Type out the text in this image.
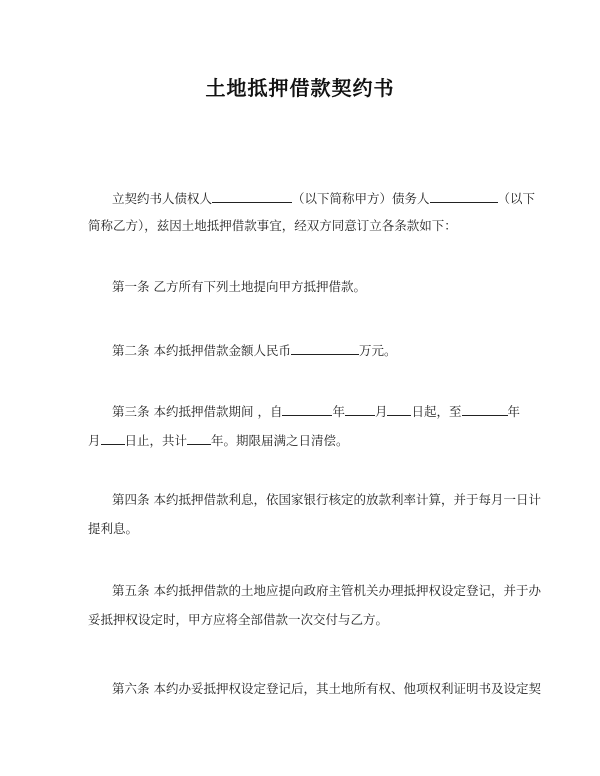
土地抵押借款契约书
立契约书人债权人	（以下简称甲方）债务人	（以下
简称乙方），兹因土地抵押借款事宜，经双方同意订立各条款如下：
第一条 乙方所有下列土地提向甲方抵押借款。
第二条 本约抵押借款金额人民币	万元。
第三条 本约抵押借款期间 ，自	年 月 日起，至	年
月 日止，共计 年。期限届满之日清偿。
第四条 本约抵押借款利息，依国家银行核定的放款利率计算，并于每月一日计
提利息。
第五条 本约抵押借款的土地应提向政府主管机关办理抵押权设定登记，并于办
妥抵押权设定时，甲方应将全部借款一次交付与乙方。
第六条 本约办妥抵押权设定登记后，其土地所有权、他项权利证明书及设定契
